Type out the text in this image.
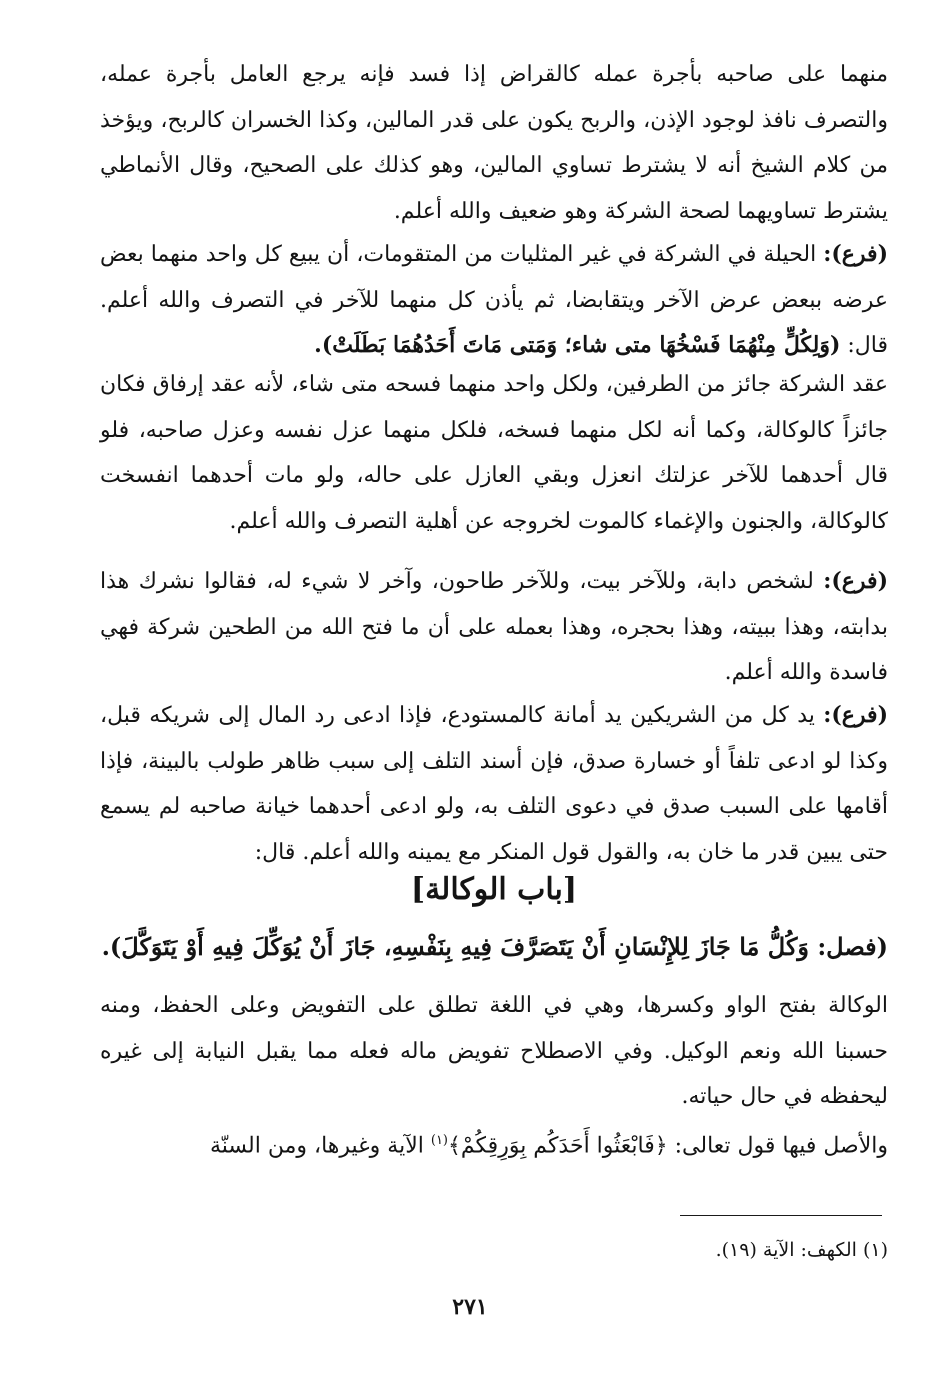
منهما على صاحبه بأجرة عمله كالقراض إذا فسد فإنه يرجع العامل بأجرة عمله، والتصرف نافذ لوجود الإذن، والربح يكون على قدر المالين، وكذا الخسران كالربح، ويؤخذ من كلام الشيخ أنه لا يشترط تساوي المالين، وهو كذلك على الصحيح، وقال الأنماطي يشترط تساويهما لصحة الشركة وهو ضعيف والله أعلم.

(فرع): الحيلة في الشركة في غير المثليات من المتقومات، أن يبيع كل واحد منهما بعض عرضه ببعض عرض الآخر ويتقابضا، ثم يأذن كل منهما للآخر في التصرف والله أعلم. قال: (وَلِكُلٍّ مِنْهُمَا فَسْخُهَا متى شاء؛ وَمَتى مَاتَ أَحَدُهُمَا بَطَلَتْ).

عقد الشركة جائز من الطرفين، ولكل واحد منهما فسحه متى شاء، لأنه عقد إرفاق فكان جائزاً كالوكالة، وكما أنه لكل منهما فسخه، فلكل منهما عزل نفسه وعزل صاحبه، فلو قال أحدهما للآخر عزلتك انعزل وبقي العازل على حاله، ولو مات أحدهما انفسخت كالوكالة، والجنون والإغماء كالموت لخروجه عن أهلية التصرف والله أعلم.

(فرع): لشخص دابة، وللآخر بيت، وللآخر طاحون، وآخر لا شيء له، فقالوا نشرك هذا بدابته، وهذا ببيته، وهذا بحجره، وهذا بعمله على أن ما فتح الله من الطحين شركة فهي فاسدة والله أعلم.

(فرع): يد كل من الشريكين يد أمانة كالمستودع، فإذا ادعى رد المال إلى شريكه قبل، وكذا لو ادعى تلفاً أو خسارة صدق، فإن أسند التلف إلى سبب ظاهر طولب بالبينة، فإذا أقامها على السبب صدق في دعوى التلف به، ولو ادعى أحدهما خيانة صاحبه لم يسمع حتى يبين قدر ما خان به، والقول قول المنكر مع يمينه والله أعلم. قال:

[باب الوكالة]
(فصل: وَكُلُّ مَا جَازَ لِلإِنْسَانِ أَنْ يَتَصَرَّفَ فِيهِ بِنَفْسِهِ، جَازَ أَنْ يُوَكِّلَ فِيهِ أَوْ يَتَوَكَّلَ).

الوكالة بفتح الواو وكسرها، وهي في اللغة تطلق على التفويض وعلى الحفظ، ومنه حسبنا الله ونعم الوكيل. وفي الاصطلاح تفويض ماله فعله مما يقبل النيابة إلى غيره ليحفظه في حال حياته.

والأصل فيها قول تعالى: ﴿فَابْعَثُوا أَحَدَكُم بِوَرِقِكُمْ﴾$^{(١)}$ الآية وغيرها، ومن السنّة

(١) الكهف: الآية (١٩).
٢٧١
